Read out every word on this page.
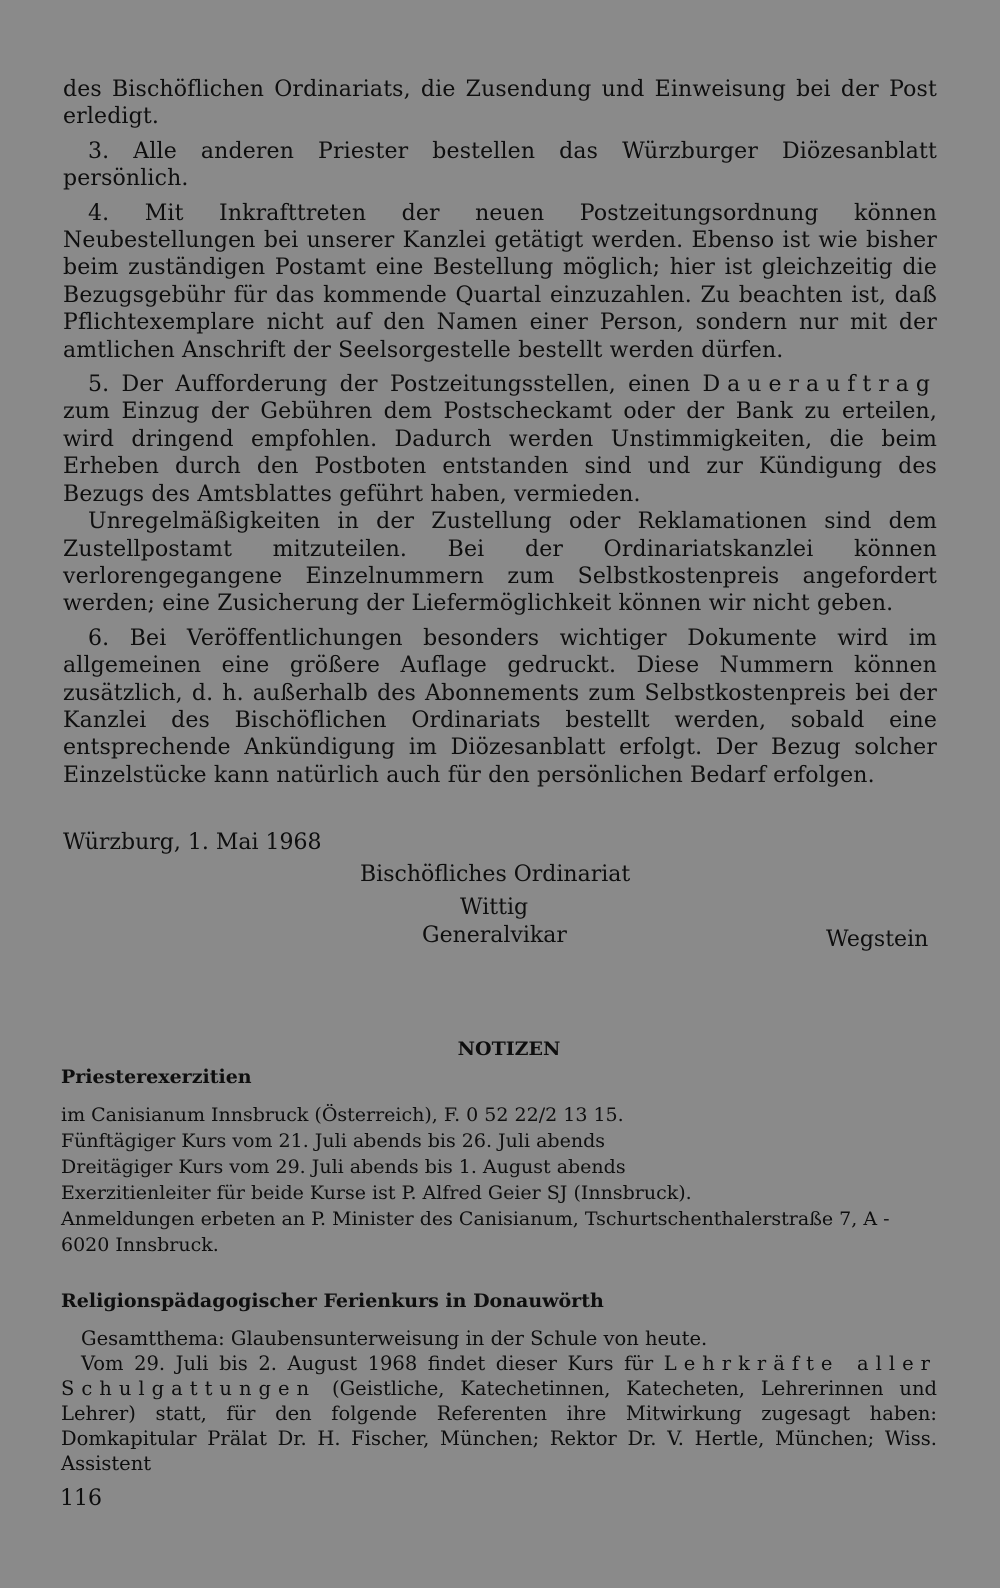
des Bischöflichen Ordinariats, die Zusendung und Einweisung bei der Post erledigt.

3. Alle anderen Priester bestellen das Würzburger Diözesanblatt persönlich.

4. Mit Inkrafttreten der neuen Postzeitungsordnung können Neubestellungen bei unserer Kanzlei getätigt werden. Ebenso ist wie bisher beim zuständigen Postamt eine Bestellung möglich; hier ist gleichzeitig die Bezugsgebühr für das kommende Quartal einzuzahlen. Zu beachten ist, daß Pflichtexemplare nicht auf den Namen einer Person, sondern nur mit der amtlichen Anschrift der Seelsorgestelle bestellt werden dürfen.

5. Der Aufforderung der Postzeitungsstellen, einen Dauerauftrag zum Einzug der Gebühren dem Postscheckamt oder der Bank zu erteilen, wird dringend empfohlen. Dadurch werden Unstimmigkeiten, die beim Erheben durch den Postboten entstanden sind und zur Kündigung des Bezugs des Amtsblattes geführt haben, vermieden.

Unregelmäßigkeiten in der Zustellung oder Reklamationen sind dem Zustellpostamt mitzuteilen. Bei der Ordinariatskanzlei können verlorengegangene Einzelnummern zum Selbstkostenpreis angefordert werden; eine Zusicherung der Liefermöglichkeit können wir nicht geben.

6. Bei Veröffentlichungen besonders wichtiger Dokumente wird im allgemeinen eine größere Auflage gedruckt. Diese Nummern können zusätzlich, d. h. außerhalb des Abonnements zum Selbstkostenpreis bei der Kanzlei des Bischöflichen Ordinariats bestellt werden, sobald eine entsprechende Ankündigung im Diözesanblatt erfolgt. Der Bezug solcher Einzelstücke kann natürlich auch für den persönlichen Bedarf erfolgen.

Würzburg, 1. Mai 1968
Bischöfliches Ordinariat
Wittig
Generalvikar	Wegstein
NOTIZEN
Priesterexerzitien

im Canisianum Innsbruck (Österreich), F. 0 52 22/2 13 15.

Fünftägiger Kurs vom 21. Juli abends bis 26. Juli abends

Dreitägiger Kurs vom 29. Juli abends bis 1. August abends

Exerzitienleiter für beide Kurse ist P. Alfred Geier SJ (Innsbruck).

Anmeldungen erbeten an P. Minister des Canisianum, Tschurtschenthalerstraße 7, A - 6020 Innsbruck.

Religionspädagogischer Ferienkurs in Donauwörth

Gesamtthema: Glaubensunterweisung in der Schule von heute.

Vom 29. Juli bis 2. August 1968 findet dieser Kurs für Lehrkräfte aller Schulgattungen (Geistliche, Katechetinnen, Katecheten, Lehrerinnen und Lehrer) statt, für den folgende Referenten ihre Mitwirkung zugesagt haben: Domkapitular Prälat Dr. H. Fischer, München; Rektor Dr. V. Hertle, München; Wiss. Assistent

116
